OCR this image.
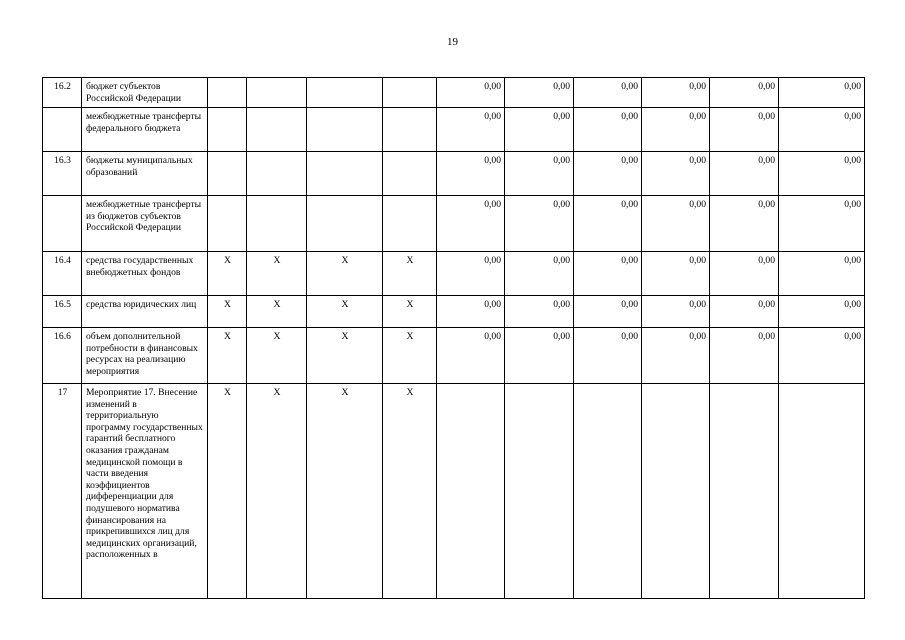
19
16.2	бюджет субъектов Российской Федерации					0,00	0,00	0,00	0,00	0,00	0,00
	межбюджетные трансферты федерального бюджета					0,00	0,00	0,00	0,00	0,00	0,00
16.3	бюджеты муниципальных образований					0,00	0,00	0,00	0,00	0,00	0,00
	межбюджетные трансферты из бюджетов субъектов Российской Федерации					0,00	0,00	0,00	0,00	0,00	0,00
16.4	средства государственных внебюджетных фондов	X	X	X	X	0,00	0,00	0,00	0,00	0,00	0,00
16.5	средства юридических лиц	X	X	X	X	0,00	0,00	0,00	0,00	0,00	0,00
16.6	объем дополнительной потребности в финансовых ресурсах на реализацию мероприятия	X	X	X	X	0,00	0,00	0,00	0,00	0,00	0,00
17	Мероприятие 17. Внесение изменений в территориальную программу государственных гарантий бесплатного оказания гражданам медицинской помощи в части введения коэффициентов дифференциации для подушевого норматива финансирования на прикрепившихся лиц для медицинских организаций, расположенных в	X	X	X	X						
